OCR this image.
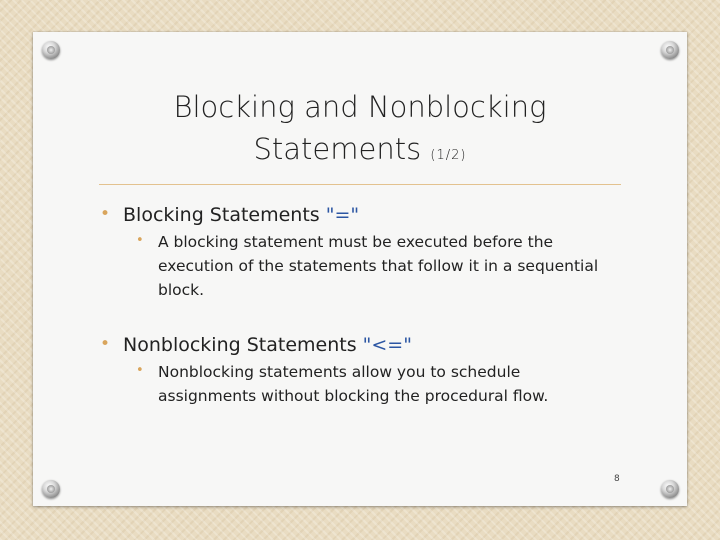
Blocking and Nonblocking
Statements (1/2)
• Blocking Statements "="
• A blocking statement must be executed before the execution of the statements that follow it in a sequential block.
• Nonblocking Statements "<="
• Nonblocking statements allow you to schedule assignments without blocking the procedural flow.
8
